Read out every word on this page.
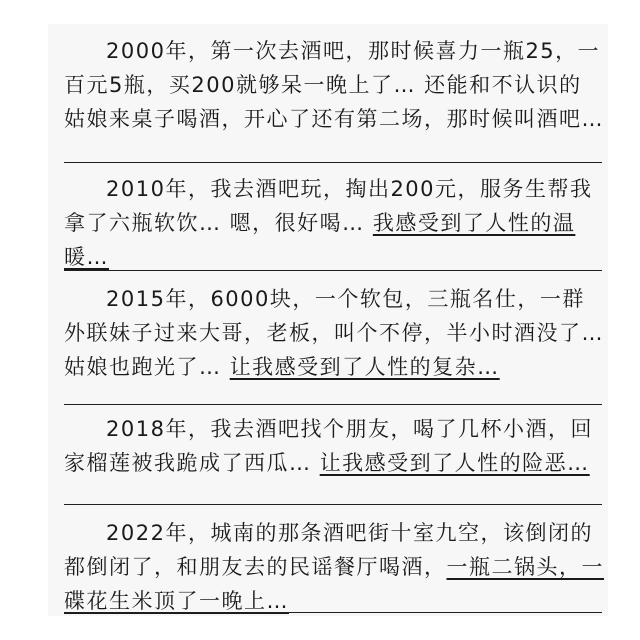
2000年，第一次去酒吧，那时候喜力一瓶25，一百元5瓶，买200就够呆一晚上了… 还能和不认识的姑娘来桌子喝酒，开心了还有第二场，那时候叫酒吧…
2010年，我去酒吧玩，掏出200元，服务生帮我拿了六瓶软饮… 嗯，很好喝… 我感受到了人性的温暖…
2015年，6000块，一个软包，三瓶名仕，一群外联妹子过来大哥，老板，叫个不停，半小时酒没了… 姑娘也跑光了… 让我感受到了人性的复杂…
2018年，我去酒吧找个朋友，喝了几杯小酒，回家榴莲被我跪成了西瓜… 让我感受到了人性的险恶…
2022年，城南的那条酒吧街十室九空，该倒闭的都倒闭了，和朋友去的民谣餐厅喝酒，一瓶二锅头，一碟花生米顶了一晚上…
